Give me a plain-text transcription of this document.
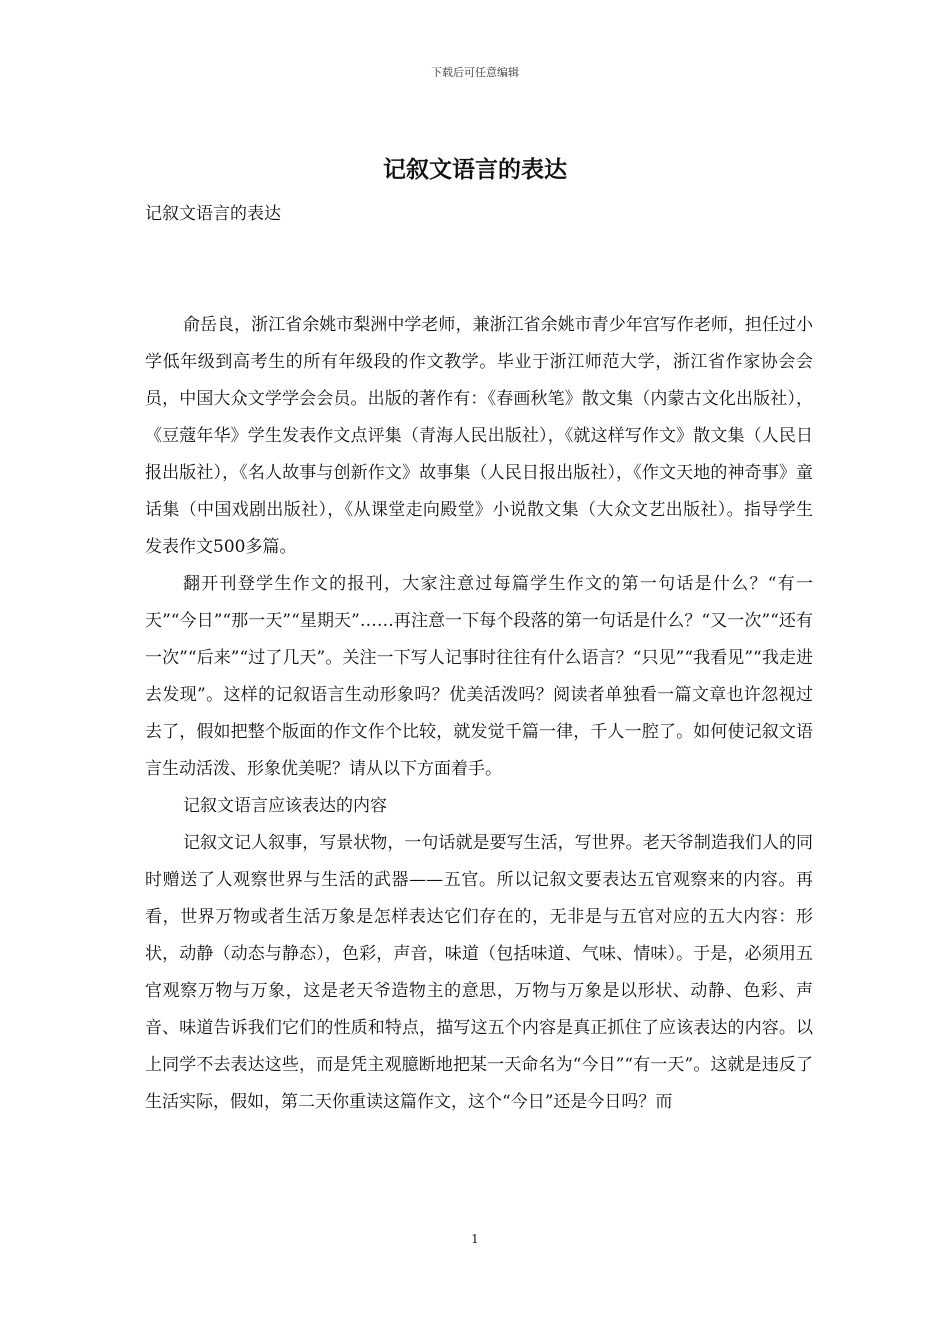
下载后可任意编辑
记叙文语言的表达

记叙文语言的表达

俞岳良，浙江省余姚市梨洲中学老师，兼浙江省余姚市青少年宫写作老师，担任过小学低年级到高考生的所有年级段的作文教学。毕业于浙江师范大学，浙江省作家协会会员，中国大众文学学会会员。出版的著作有：《春画秋笔》散文集（内蒙古文化出版社），《豆蔻年华》学生发表作文点评集（青海人民出版社），《就这样写作文》散文集（人民日报出版社），《名人故事与创新作文》故事集（人民日报出版社），《作文天地的神奇事》童话集（中国戏剧出版社），《从课堂走向殿堂》小说散文集（大众文艺出版社）。指导学生发表作文500多篇。

翻开刊登学生作文的报刊，大家注意过每篇学生作文的第一句话是什么？“有一天”“今日”“那一天”“星期天”……再注意一下每个段落的第一句话是什么？“又一次”“还有一次”“后来”“过了几天”。关注一下写人记事时往往有什么语言？“只见”“我看见”“我走进去发现”。这样的记叙语言生动形象吗？优美活泼吗？阅读者单独看一篇文章也许忽视过去了，假如把整个版面的作文作个比较，就发觉千篇一律，千人一腔了。如何使记叙文语言生动活泼、形象优美呢？请从以下方面着手。

记叙文语言应该表达的内容

记叙文记人叙事，写景状物，一句话就是要写生活，写世界。老天爷制造我们人的同时赠送了人观察世界与生活的武器——五官。所以记叙文要表达五官观察来的内容。再看，世界万物或者生活万象是怎样表达它们存在的，无非是与五官对应的五大内容：形状，动静（动态与静态），色彩，声音，味道（包括味道、气味、情味）。于是，必须用五官观察万物与万象，这是老天爷造物主的意思，万物与万象是以形状、动静、色彩、声音、味道告诉我们它们的性质和特点，描写这五个内容是真正抓住了应该表达的内容。以上同学不去表达这些，而是凭主观臆断地把某一天命名为“今日”“有一天”。这就是违反了生活实际，假如，第二天你重读这篇作文，这个“今日”还是今日吗？而

1
